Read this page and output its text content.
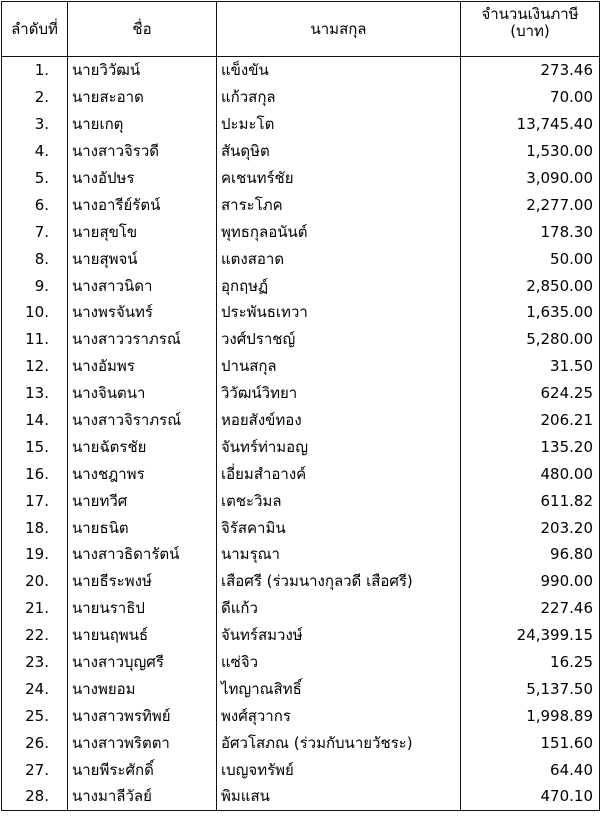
ลำดับที่	ชื่อ	นามสกุล	จำนวนเงินภาษี
(บาท)

1.	นายวิวัฒน์	แข็งขัน	273.46
2.	นายสะอาด	แก้วสกุล	70.00
3.	นายเกตุ	ปะมะโต	13,745.40
4.	นางสาวจิรวดี	สันดุษิต	1,530.00
5.	นางอัปษร	คเชนทร์ชัย	3,090.00
6.	นางอารีย์รัตน์	สาระโภค	2,277.00
7.	นายสุขโข	พุทธกุลอนันต์	178.30
8.	นายสุพจน์	แตงสอาด	50.00
9.	นางสาวนิดา	อุกฤษฏ์	2,850.00
10.	นางพรจันทร์	ประพันธเทวา	1,635.00
11.	นางสาววราภรณ์	วงศ์ปราชญ์	5,280.00
12.	นางอัมพร	ปานสกุล	31.50
13.	นางจินตนา	วิวัฒน์วิทยา	624.25
14.	นางสาวจิราภรณ์	หอยสังข์ทอง	206.21
15.	นายฉัตรชัย	จันทร์ท่ามอญ	135.20
16.	นางชฎาพร	เอี่ยมสำอางค์	480.00
17.	นายทวีศ	เตชะวิมล	611.82
18.	นายธนิต	จิรัสคามิน	203.20
19.	นางสาวธิดารัตน์	นามรุณา	96.80
20.	นายธีระพงษ์	เสือศรี (ร่วมนางกุลวดี เสือศรี)	990.00
21.	นายนราธิป	ดีแก้ว	227.46
22.	นายนฤพนธ์	จันทร์สมวงษ์	24,399.15
23.	นางสาวบุญศรี	แซ่จิว	16.25
24.	นางพยอม	ไทญาณสิทธิ์	5,137.50
25.	นางสาวพรทิพย์	พงศ์สุวากร	1,998.89
26.	นางสาวพริตตา	อัศวโสภณ (ร่วมกับนายวัชระ)	151.60
27.	นายพีระศักดิ์	เบญจทรัพย์	64.40
28.	นางมาลีวัลย์	พิมแสน	470.10
